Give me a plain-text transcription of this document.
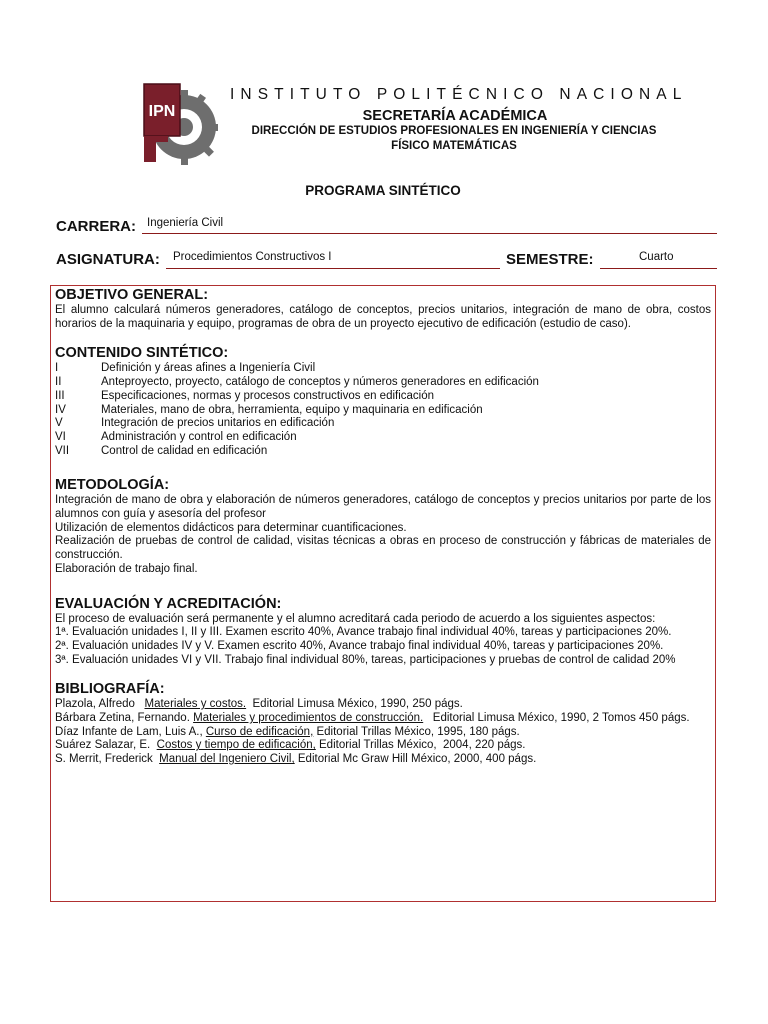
IPN
INSTITUTO POLITÉCNICO NACIONAL
SECRETARÍA ACADÉMICA
DIRECCIÓN DE ESTUDIOS PROFESIONALES EN INGENIERÍA Y CIENCIAS
FÍSICO MATEMÁTICAS
PROGRAMA SINTÉTICO
CARRERA: Ingeniería Civil
ASIGNATURA: Procedimientos Constructivos I	SEMESTRE:	Cuarto
OBJETIVO GENERAL:
El alumno calculará números generadores, catálogo de conceptos, precios unitarios, integración de mano de obra, costos horarios de la maquinaria y equipo, programas de obra de un proyecto ejecutivo de edificación (estudio de caso).
CONTENIDO SINTÉTICO:
I	Definición y áreas afines a Ingeniería Civil
II	Anteproyecto, proyecto, catálogo de conceptos y números generadores en edificación
III	Especificaciones, normas y procesos constructivos en edificación
IV	Materiales, mano de obra, herramienta, equipo y maquinaria en edificación
V	Integración de precios unitarios en edificación
VI	Administración y control en edificación
VII	Control de calidad en edificación
METODOLOGÍA:
Integración de mano de obra y elaboración de números generadores, catálogo de conceptos y precios unitarios por parte de los alumnos con guía y asesoría del profesor
Utilización de elementos didácticos para determinar cuantificaciones.
Realización de pruebas de control de calidad, visitas técnicas a obras en proceso de construcción y fábricas de materiales de construcción.
Elaboración de trabajo final.
EVALUACIÓN Y ACREDITACIÓN:
El proceso de evaluación será permanente y el alumno acreditará cada periodo de acuerdo a los siguientes aspectos:
1ª. Evaluación unidades I, II y III. Examen escrito 40%, Avance trabajo final individual 40%, tareas y participaciones 20%.
2ª. Evaluación unidades IV y V. Examen escrito 40%, Avance trabajo final individual 40%, tareas y participaciones 20%.
3ª. Evaluación unidades VI y VII. Trabajo final individual 80%, tareas, participaciones y pruebas de control de calidad 20%
BIBLIOGRAFÍA:
Plazola, Alfredo   Materiales y costos.  Editorial Limusa México, 1990, 250 págs.
Bárbara Zetina, Fernando. Materiales y procedimientos de construcción.   Editorial Limusa México, 1990, 2 Tomos 450 págs.
Díaz Infante de Lam, Luis A., Curso de edificación, Editorial Trillas México, 1995, 180 págs.
Suárez Salazar, E.  Costos y tiempo de edificación, Editorial Trillas México,  2004, 220 págs.
S. Merrit, Frederick  Manual del Ingeniero Civil, Editorial Mc Graw Hill México, 2000, 400 págs.
